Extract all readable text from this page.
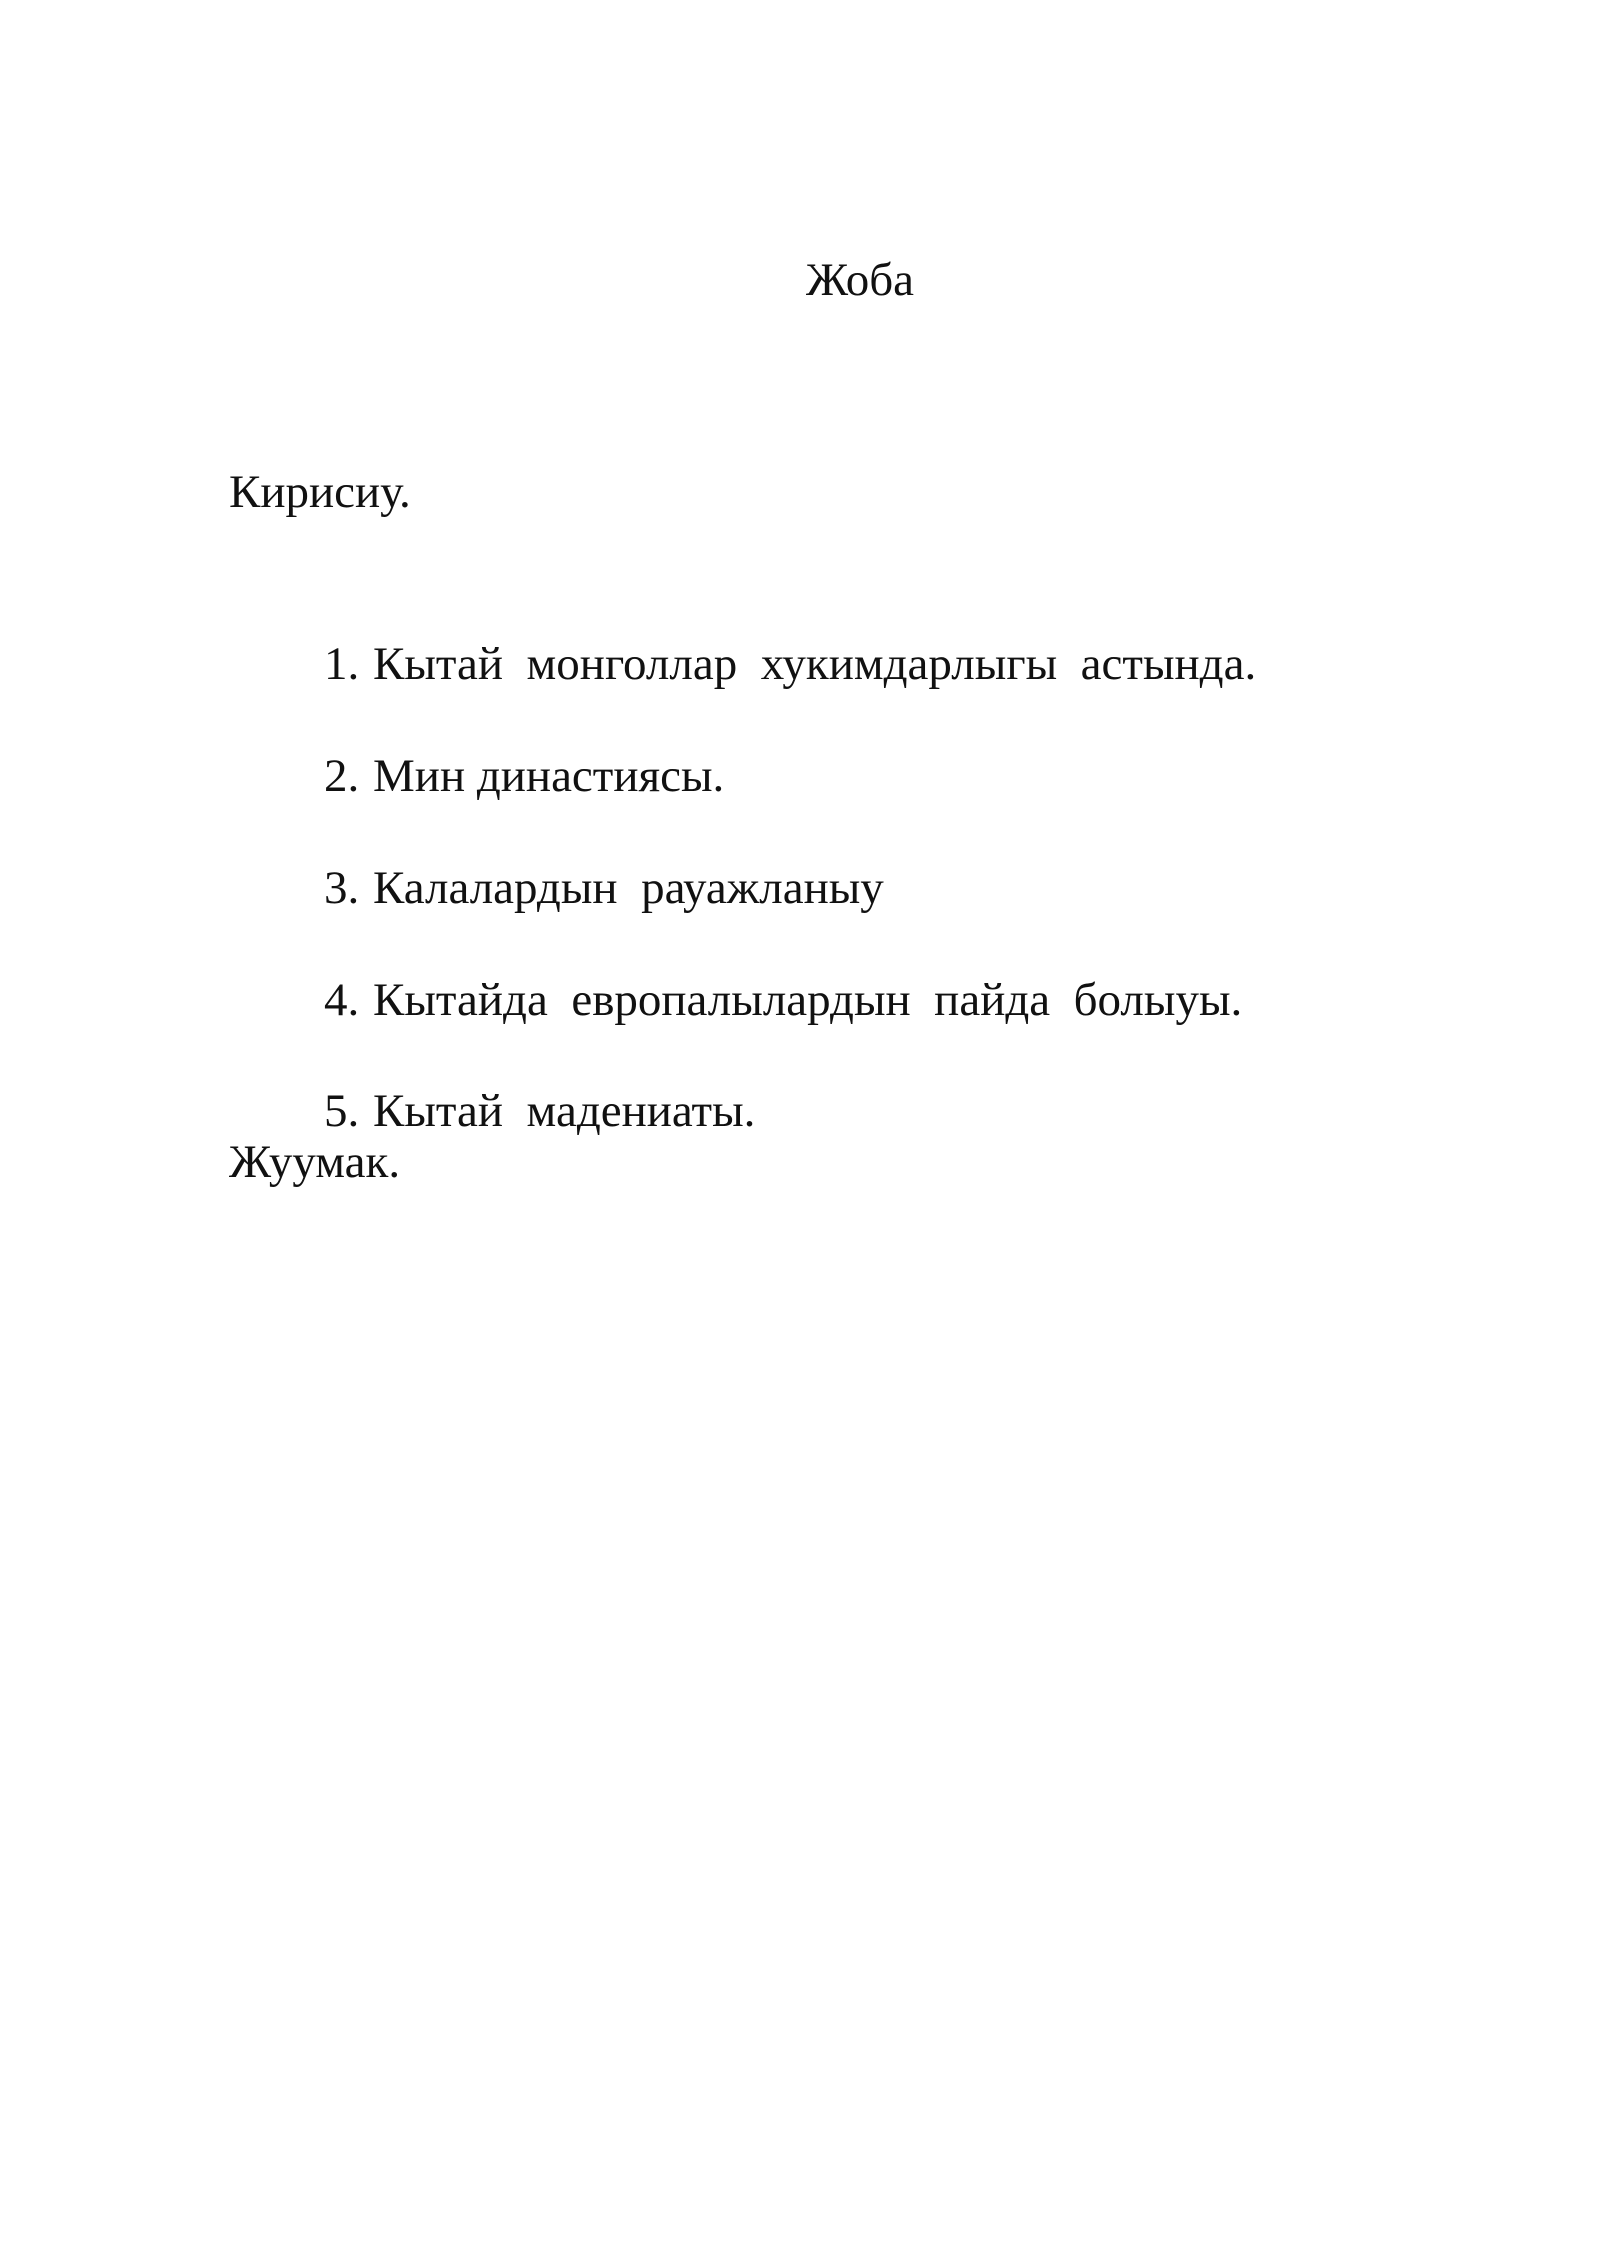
Жоба
Кирисиу.

1. Кытай  монголлар  хукимдарлыгы  астында.

2. Мин династиясы.

3. Калалардын  рауажланыу

4. Кытайда  европалылардын  пайда  болыуы.

5. Кытай  мадениаты.

Жуумак.
